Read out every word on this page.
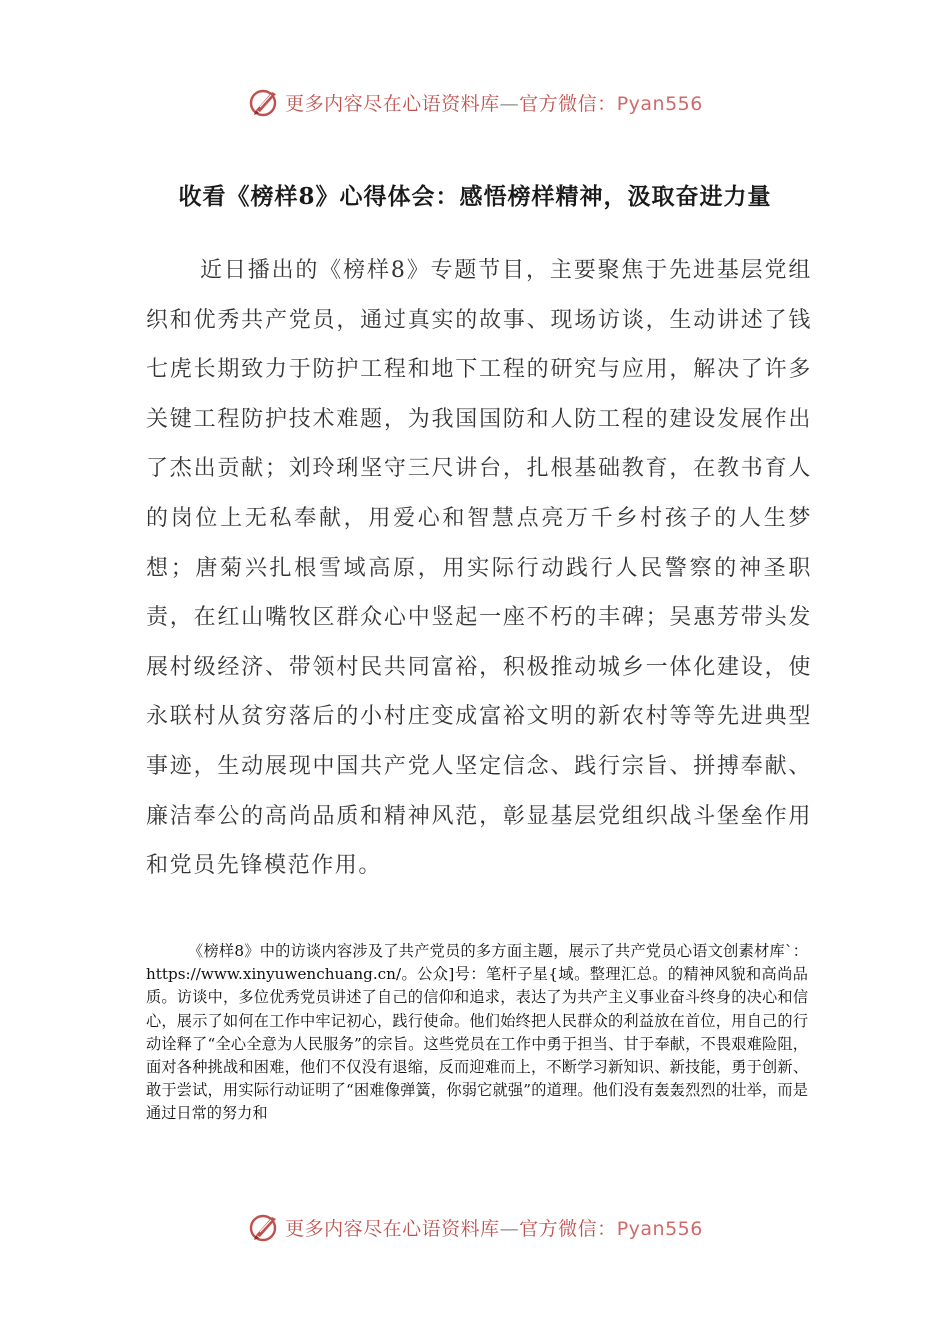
更多内容尽在心语资料库—官方微信：Pyan556
收看《榜样8》心得体会：感悟榜样精神，汲取奋进力量

近日播出的《榜样8》专题节目，主要聚焦于先进基层党组织和优秀共产党员，通过真实的故事、现场访谈，生动讲述了钱七虎长期致力于防护工程和地下工程的研究与应用，解决了许多关键工程防护技术难题，为我国国防和人防工程的建设发展作出了杰出贡献；刘玲琍坚守三尺讲台，扎根基础教育，在教书育人的岗位上无私奉献，用爱心和智慧点亮万千乡村孩子的人生梦想；唐菊兴扎根雪域高原，用实际行动践行人民警察的神圣职责，在红山嘴牧区群众心中竖起一座不朽的丰碑；吴惠芳带头发展村级经济、带领村民共同富裕，积极推动城乡一体化建设，使永联村从贫穷落后的小村庄变成富裕文明的新农村等等先进典型事迹，生动展现中国共产党人坚定信念、践行宗旨、拼搏奉献、廉洁奉公的高尚品质和精神风范，彰显基层党组织战斗堡垒作用和党员先锋模范作用。

《榜样8》中的访谈内容涉及了共产党员的多方面主题，展示了共产党员心语文创素材库`：https://www.xinyuwenchuang.cn/。公众]号：笔杆子星{域。整理汇总。的精神风貌和高尚品质。访谈中，多位优秀党员讲述了自己的信仰和追求，表达了为共产主义事业奋斗终身的决心和信心，展示了如何在工作中牢记初心，践行使命。他们始终把人民群众的利益放在首位，用自己的行动诠释了“全心全意为人民服务”的宗旨。这些党员在工作中勇于担当、甘于奉献，不畏艰难险阻，面对各种挑战和困难，他们不仅没有退缩，反而迎难而上，不断学习新知识、新技能，勇于创新、敢于尝试，用实际行动证明了“困难像弹簧，你弱它就强”的道理。他们没有轰轰烈烈的壮举，而是通过日常的努力和

更多内容尽在心语资料库—官方微信：Pyan556
